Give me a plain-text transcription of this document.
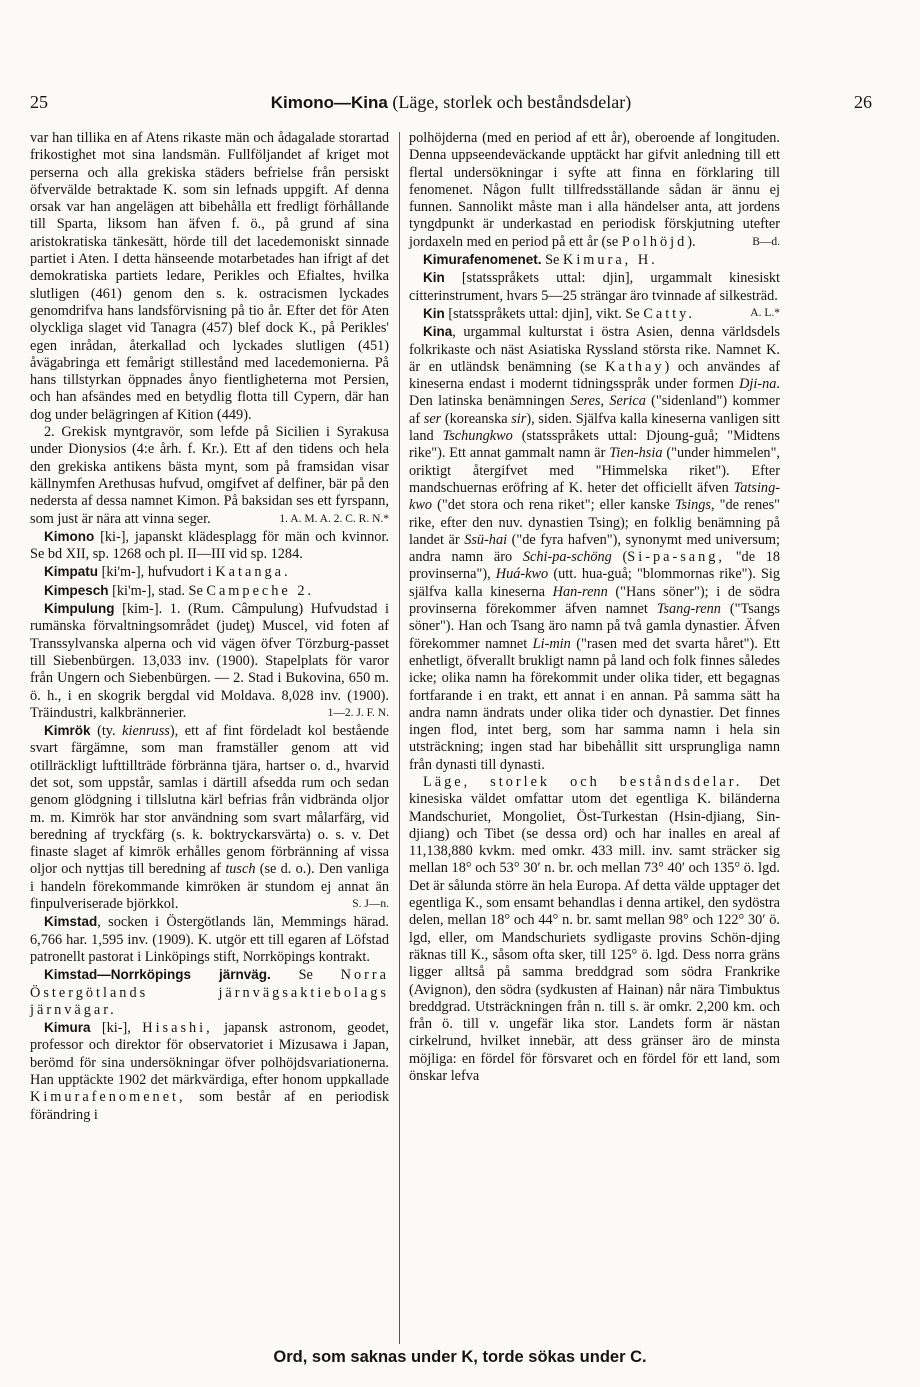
25	Kimono—Kina (Läge, storlek och beståndsdelar)	26

var han tillika en af Atens rikaste män och ådagalade storartad frikostighet mot sina landsmän. Fullföljandet af kriget mot perserna och alla grekiska städers befrielse från persiskt öfvervälde betraktade K. som sin lefnads uppgift. Af denna orsak var han angelägen att bibehålla ett fredligt förhållande till Sparta, liksom han äfven f. ö., på grund af sina aristokratiska tänkesätt, hörde till det lacedemoniskt sinnade partiet i Aten. I detta hänseende motarbetades han ifrigt af det demokratiska partiets ledare, Perikles och Efialtes, hvilka slutligen (461) genom den s. k. ostracismen lyckades genomdrifva hans landsförvisning på tio år. Efter det för Aten olyckliga slaget vid Tanagra (457) blef dock K., på Perikles' egen inrådan, återkallad och lyckades slutligen (451) åvägabringa ett femårigt stillestånd med lacedemonierna. På hans tillstyrkan öppnades ånyo fientligheterna mot Persien, och han afsändes med en betydlig flotta till Cypern, där han dog under belägringen af Kition (449).

2. Grekisk myntgravör, som lefde på Sicilien i Syrakusa under Dionysios (4:e årh. f. Kr.). Ett af den tidens och hela den grekiska antikens bästa mynt, som på framsidan visar källnymfen Arethusas hufvud, omgifvet af delfiner, bär på den nedersta af dessa namnet Kimon. På baksidan ses ett fyrspann, som just är nära att vinna seger.	1. A. M. A. 2. C. R. N.*

Kimono [ki-], japanskt klädesplagg för män och kvinnor. Se bd XII, sp. 1268 och pl. II—III vid sp. 1284.

Kimpatu [ki'm-], hufvudort i Katanga.

Kimpesch [ki'm-], stad. Se Campeche 2.

Kimpulung [kim-]. 1. (Rum. Câmpulung) Hufvudstad i rumänska förvaltningsområdet (judeţ) Muscel, vid foten af Transsylvanska alperna och vid vägen öfver Törzburg-passet till Siebenbürgen. 13,033 inv. (1900). Stapelplats för varor från Ungern och Siebenbürgen. — 2. Stad i Bukovina, 650 m. ö. h., i en skogrik bergdal vid Moldava. 8,028 inv. (1900). Träindustri, kalkbrännerier.	1—2. J. F. N.

Kimrök (ty. kienruss), ett af fint fördeladt kol bestående svart färgämne, som man framställer genom att vid otillräckligt lufttillträde förbränna tjära, hartser o. d., hvarvid det sot, som uppstår, samlas i därtill afsedda rum och sedan genom glödgning i tillslutna kärl befrias från vidbrända oljor m. m. Kimrök har stor användning som svart målarfärg, vid beredning af tryckfärg (s. k. boktryckarsvärta) o. s. v. Det finaste slaget af kimrök erhålles genom förbränning af vissa oljor och nyttjas till beredning af tusch (se d. o.). Den vanliga i handeln förekommande kimröken är stundom ej annat än finpulveriserade björkkol.	S. J—n.

Kimstad, socken i Östergötlands län, Memmings härad. 6,766 har. 1,595 inv. (1909). K. utgör ett till egaren af Löfstad patronellt pastorat i Linköpings stift, Norrköpings kontrakt.

Kimstad—Norrköpings järnväg. Se Norra Östergötlands järnvägsaktiebolags järnvägar.

Kimura [ki-], Hisashi, japansk astronom, geodet, professor och direktor för observatoriet i Mizusawa i Japan, berömd för sina undersökningar öfver polhöjdsvariationerna. Han upptäckte 1902 det märkvärdiga, efter honom uppkallade Kimurafenomenet, som består af en periodisk förändring i

polhöjderna (med en period af ett år), oberoende af longituden. Denna uppseendeväckande upptäckt har gifvit anledning till ett flertal undersökningar i syfte att finna en förklaring till fenomenet. Någon fullt tillfredsställande sådan är ännu ej funnen. Sannolikt måste man i alla händelser anta, att jordens tyngdpunkt är underkastad en periodisk förskjutning utefter jordaxeln med en period på ett år (se Polhöjd).	B—d.

Kimurafenomenet. Se Kimura, H.

Kin [statsspråkets uttal: djin], urgammalt kinesiskt citterinstrument, hvars 5—25 strängar äro tvinnade af silkesträd.
A. L.*

Kin [statsspråkets uttal: djin], vikt. Se Catty.

Kina, urgammal kulturstat i östra Asien, denna världsdels folkrikaste och näst Asiatiska Ryssland största rike. Namnet K. är en utländsk benämning (se Kathay) och användes af kineserna endast i modernt tidningsspråk under formen Dji-na. Den latinska benämningen Seres, Serica ("sidenland") kommer af ser (koreanska sir), siden. Själfva kalla kineserna vanligen sitt land Tschungkwo (statsspråkets uttal: Djoung-guå; "Midtens rike"). Ett annat gammalt namn är Tien-hsia ("under himmelen", oriktigt återgifvet med "Himmelska riket"). Efter mandschuernas eröfring af K. heter det officiellt äfven Tatsing-kwo ("det stora och rena riket"; eller kanske Tsings, "de renes" rike, efter den nuv. dynastien Tsing); en folklig benämning på landet är Ssü-hai ("de fyra hafven"), synonymt med universum; andra namn äro Schi-pa-schöng (Si-pa-sang, "de 18 provinserna"), Huá-kwo (utt. hua-guå; "blommornas rike"). Sig själfva kalla kineserna Han-renn ("Hans söner"); i de södra provinserna förekommer äfven namnet Tsang-renn ("Tsangs söner"). Han och Tsang äro namn på två gamla dynastier. Äfven förekommer namnet Li-min ("rasen med det svarta håret"). Ett enhetligt, öfverallt brukligt namn på land och folk finnes således icke; olika namn ha förekommit under olika tider, ett begagnas fortfarande i en trakt, ett annat i en annan. På samma sätt ha andra namn ändrats under olika tider och dynastier. Det finnes ingen flod, intet berg, som har samma namn i hela sin utsträckning; ingen stad har bibehållit sitt ursprungliga namn från dynasti till dynasti.

Läge, storlek och beståndsdelar. Det kinesiska väldet omfattar utom det egentliga K. biländerna Mandschuriet, Mongoliet, Öst-Turkestan (Hsin-djiang, Sin-djiang) och Tibet (se dessa ord) och har inalles en areal af 11,138,880 kvkm. med omkr. 433 mill. inv. samt sträcker sig mellan 18° och 53° 30′ n. br. och mellan 73° 40′ och 135° ö. lgd. Det är sålunda större än hela Europa. Af detta välde upptager det egentliga K., som ensamt behandlas i denna artikel, den sydöstra delen, mellan 18° och 44° n. br. samt mellan 98° och 122° 30′ ö. lgd, eller, om Mandschuriets sydligaste provins Schön-djing räknas till K., såsom ofta sker, till 125° ö. lgd. Dess norra gräns ligger alltså på samma breddgrad som södra Frankrike (Avignon), den södra (sydkusten af Hainan) når nära Timbuktus breddgrad. Utsträckningen från n. till s. är omkr. 2,200 km. och från ö. till v. ungefär lika stor. Landets form är nästan cirkelrund, hvilket innebär, att dess gränser äro de minsta möjliga: en fördel för försvaret och en fördel för ett land, som önskar lefva

Ord, som saknas under K, torde sökas under C.
